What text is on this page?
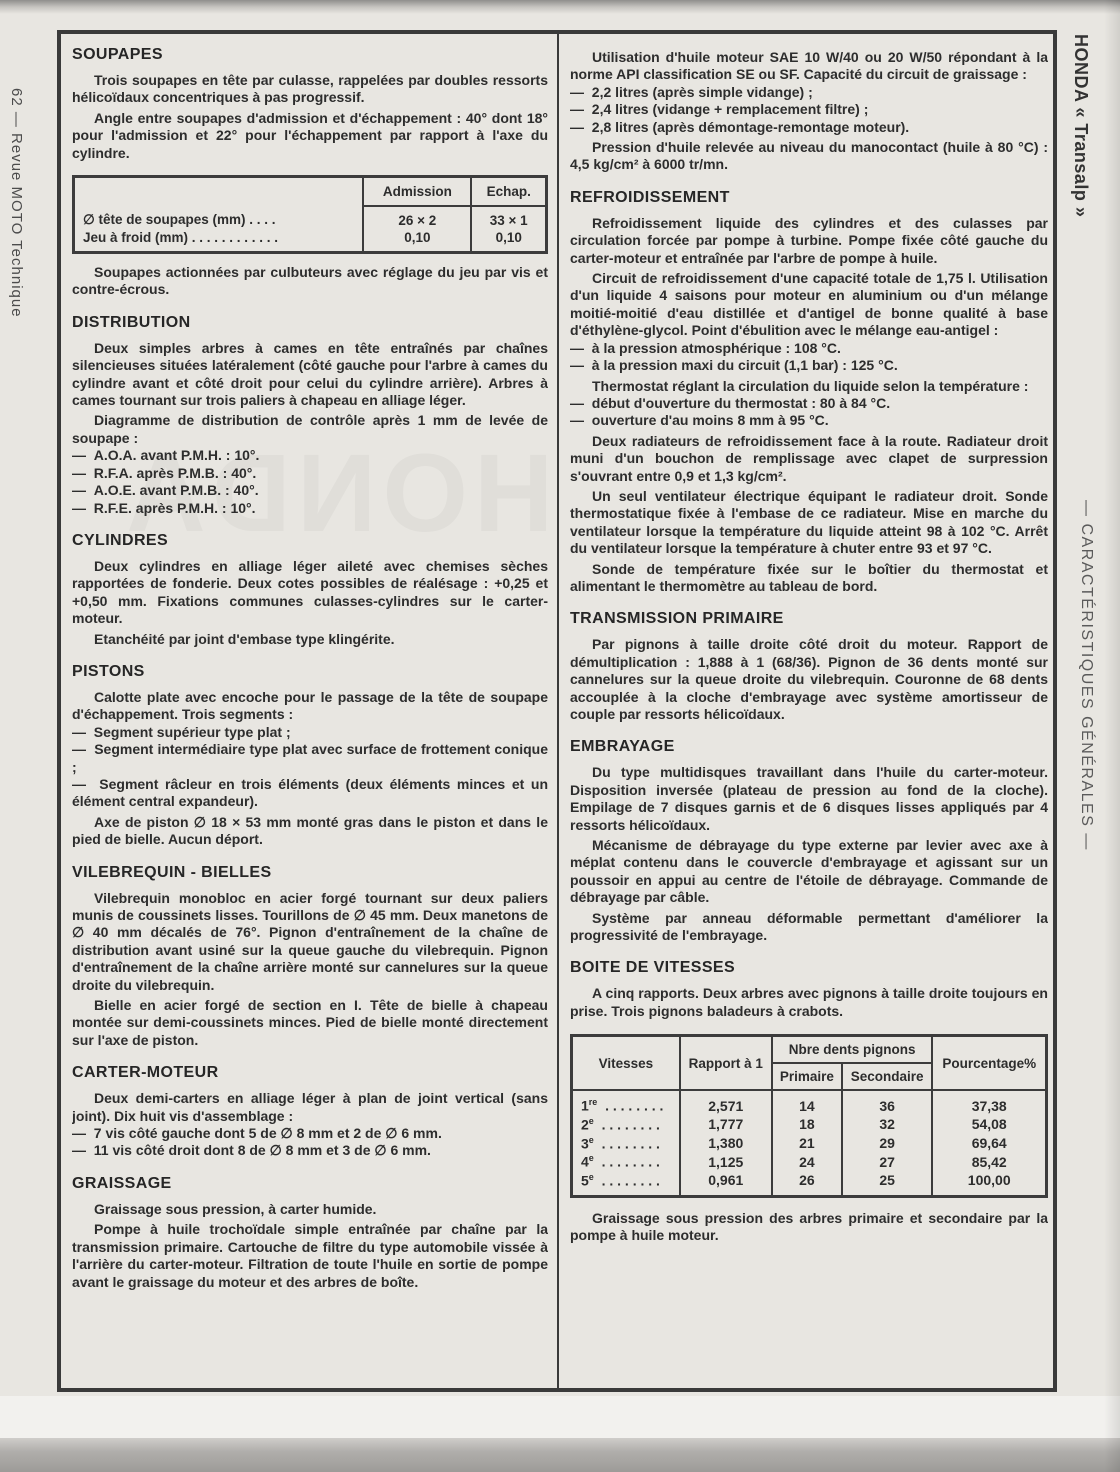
62 — Revue MOTO Technique	HONDA « Transalp »
— CARACTÉRISTIQUES GÉNÉRALES —
SOUPAPES

Trois soupapes en tête par culasse, rappelées par doubles ressorts hélicoïdaux concentriques à pas progressif.

Angle entre soupapes d'admission et d'échappement : 40° dont 18° pour l'admission et 22° pour l'échappement par rapport à l'axe du cylindre.

	Admission	Echap.
∅ tête de soupapes (mm) . . . .	26 × 2	33 × 1
Jeu à froid (mm) . . . . . . . . . . . .	0,10	0,10

Soupapes actionnées par culbuteurs avec réglage du jeu par vis et contre-écrous.

DISTRIBUTION

Deux simples arbres à cames en tête entraînés par chaînes silencieuses situées latéralement (côté gauche pour l'arbre à cames du cylindre avant et côté droit pour celui du cylindre arrière). Arbres à cames tournant sur trois paliers à chapeau en alliage léger.

Diagramme de distribution de contrôle après 1 mm de levée de soupape :

—  A.O.A. avant P.M.H. : 10°.

—  R.F.A. après P.M.B. : 40°.

—  A.O.E. avant P.M.B. : 40°.

—  R.F.E. après P.M.H. : 10°.

CYLINDRES

Deux cylindres en alliage léger aileté avec chemises sèches rapportées de fonderie. Deux cotes possibles de réalésage : +0,25 et +0,50 mm. Fixations communes culasses-cylindres sur le carter-moteur.

Etanchéité par joint d'embase type klingérite.

PISTONS

Calotte plate avec encoche pour le passage de la tête de soupape d'échappement. Trois segments :

—  Segment supérieur type plat ;

—  Segment intermédiaire type plat avec surface de frottement conique ;

—  Segment râcleur en trois éléments (deux éléments minces et un élément central expandeur).

Axe de piston ∅ 18 × 53 mm monté gras dans le piston et dans le pied de bielle. Aucun déport.

VILEBREQUIN - BIELLES

Vilebrequin monobloc en acier forgé tournant sur deux paliers munis de coussinets lisses. Tourillons de ∅ 45 mm. Deux manetons de ∅ 40 mm décalés de 76°. Pignon d'entraînement de la chaîne de distribution avant usiné sur la queue gauche du vilebrequin. Pignon d'entraînement de la chaîne arrière monté sur cannelures sur la queue droite du vilebrequin.

Bielle en acier forgé de section en I. Tête de bielle à chapeau montée sur demi-coussinets minces. Pied de bielle monté directement sur l'axe de piston.

CARTER-MOTEUR

Deux demi-carters en alliage léger à plan de joint vertical (sans joint). Dix huit vis d'assemblage :

—  7 vis côté gauche dont 5 de ∅ 8 mm et 2 de ∅ 6 mm.

—  11 vis côté droit dont 8 de ∅ 8 mm et 3 de ∅ 6 mm.

GRAISSAGE

Graissage sous pression, à carter humide.

Pompe à huile trochoïdale simple entraînée par chaîne par la transmission primaire. Cartouche de filtre du type automobile vissée à l'arrière du carter-moteur. Filtration de toute l'huile en sortie de pompe avant le graissage du moteur et des arbres de boîte.

Utilisation d'huile moteur SAE 10 W/40 ou 20 W/50 répondant à la norme API classification SE ou SF. Capacité du circuit de graissage :

—  2,2 litres (après simple vidange) ;

—  2,4 litres (vidange + remplacement filtre) ;

—  2,8 litres (après démontage-remontage moteur).

Pression d'huile relevée au niveau du manocontact (huile à 80 °C) : 4,5 kg/cm² à 6000 tr/mn.

REFROIDISSEMENT

Refroidissement liquide des cylindres et des culasses par circulation forcée par pompe à turbine. Pompe fixée côté gauche du carter-moteur et entraînée par l'arbre de pompe à huile.

Circuit de refroidissement d'une capacité totale de 1,75 l. Utilisation d'un liquide 4 saisons pour moteur en aluminium ou d'un mélange moitié-moitié d'eau distillée et d'antigel de bonne qualité à base d'éthylène-glycol. Point d'ébulition avec le mélange eau-antigel :

—  à la pression atmosphérique : 108 °C.

—  à la pression maxi du circuit (1,1 bar) : 125 °C.

Thermostat réglant la circulation du liquide selon la température :

—  début d'ouverture du thermostat : 80 à 84 °C.

—  ouverture d'au moins 8 mm à 95 °C.

Deux radiateurs de refroidissement face à la route. Radiateur droit muni d'un bouchon de remplissage avec clapet de surpression s'ouvrant entre 0,9 et 1,3 kg/cm².

Un seul ventilateur électrique équipant le radiateur droit. Sonde thermostatique fixée à l'embase de ce radiateur. Mise en marche du ventilateur lorsque la température du liquide atteint 98 à 102 °C. Arrêt du ventilateur lorsque la température à chuter entre 93 et 97 °C.

Sonde de température fixée sur le boîtier du thermostat et alimentant le thermomètre au tableau de bord.

TRANSMISSION PRIMAIRE

Par pignons à taille droite côté droit du moteur. Rapport de démultiplication : 1,888 à 1 (68/36). Pignon de 36 dents monté sur cannelures sur la queue droite du vilebrequin. Couronne de 68 dents accouplée à la cloche d'embrayage avec système amortisseur de couple par ressorts hélicoïdaux.

EMBRAYAGE

Du type multidisques travaillant dans l'huile du carter-moteur. Disposition inversée (plateau de pression au fond de la cloche). Empilage de 7 disques garnis et de 6 disques lisses appliqués par 4 ressorts hélicoïdaux.

Mécanisme de débrayage du type externe par levier avec axe à méplat contenu dans le couvercle d'embrayage et agissant sur un poussoir en appui au centre de l'étoile de débrayage. Commande de débrayage par câble.

Système par anneau déformable permettant d'améliorer la progressivité de l'embrayage.

BOITE DE VITESSES

A cinq rapports. Deux arbres avec pignons à taille droite toujours en prise. Trois pignons baladeurs à crabots.

Vitesses	Rapport à 1	Nbre dents pignons		Pourcentage%
		Primaire	Secondaire	
1re  . . . . . . . .	2,571	14	36	37,38
2e  . . . . . . . .	1,777	18	32	54,08
3e  . . . . . . . .	1,380	21	29	69,64
4e  . . . . . . . .	1,125	24	27	85,42
5e  . . . . . . . .	0,961	26	25	100,00

Graissage sous pression des arbres primaire et secondaire par la pompe à huile moteur.
